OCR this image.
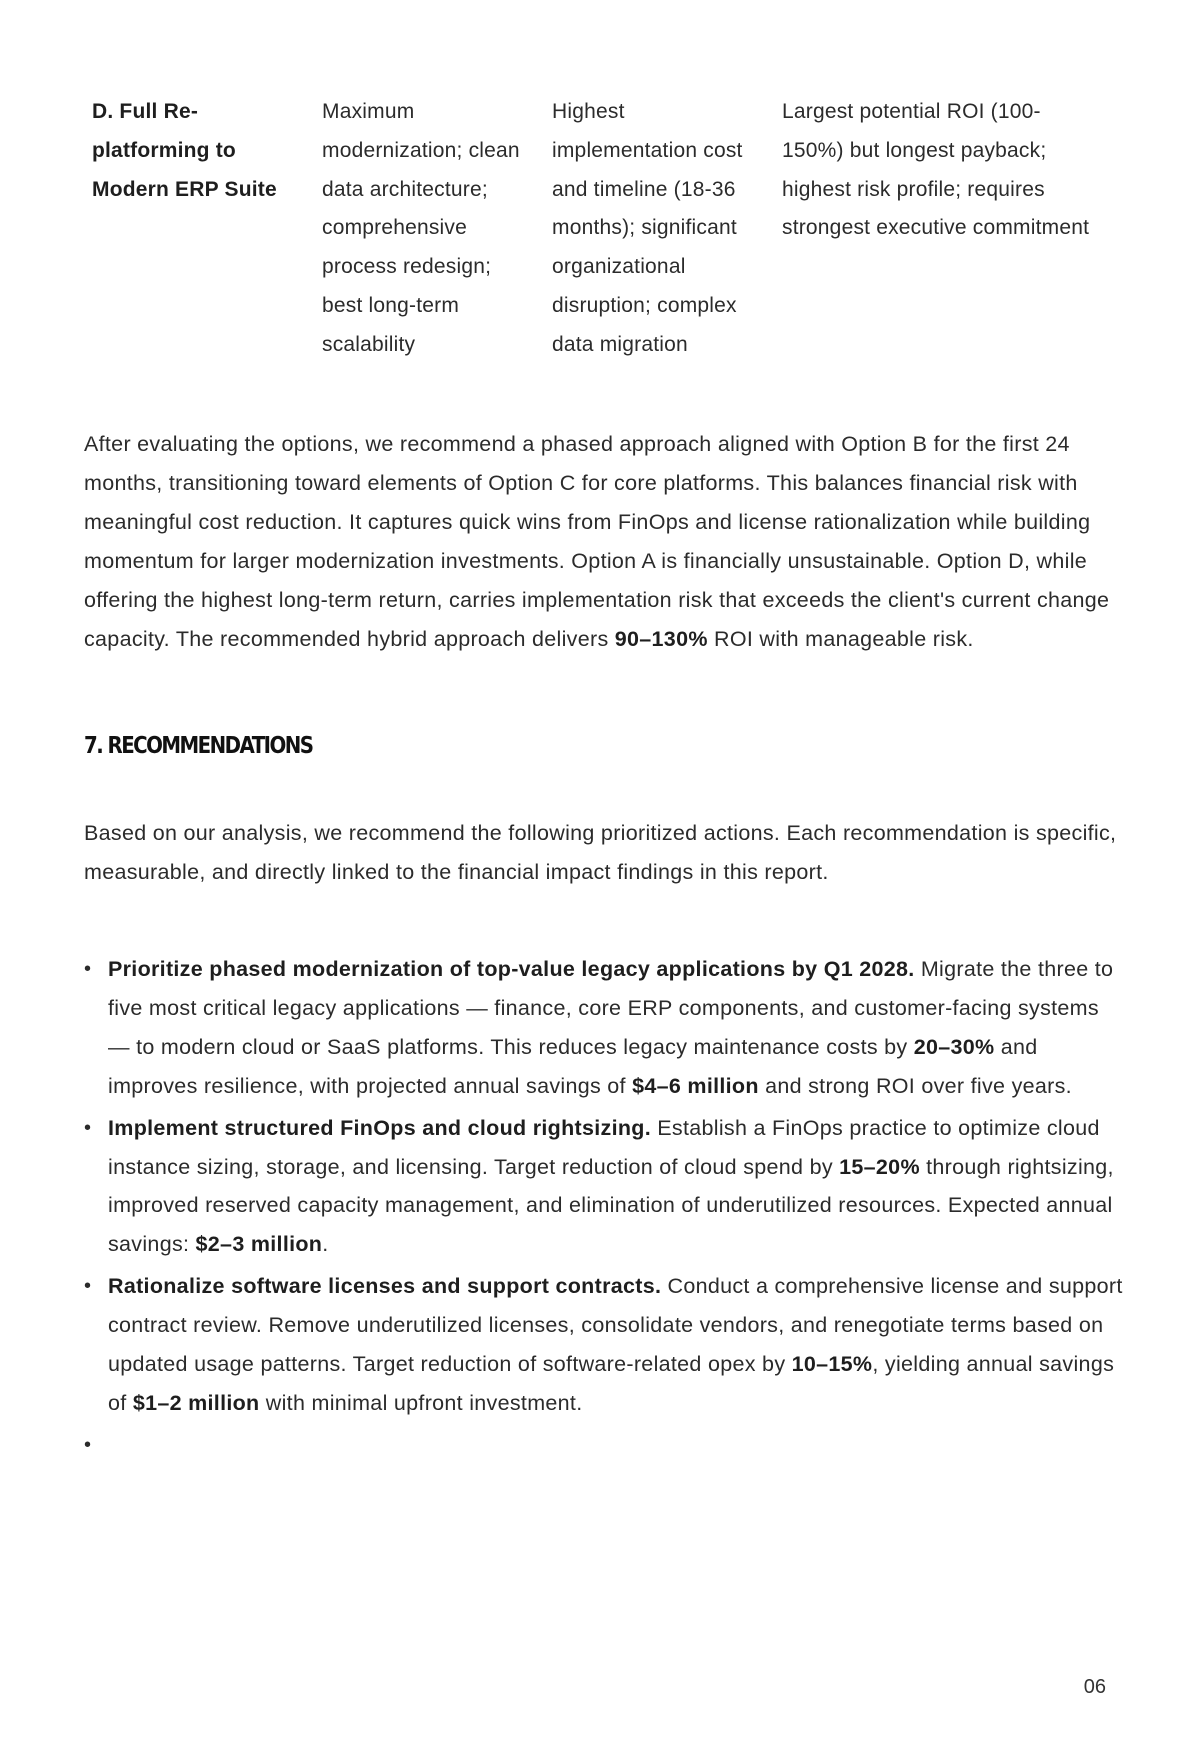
D. Full Re-platforming to Modern ERP Suite	Maximum modernization; clean data architecture; comprehensive process redesign; best long-term scalability	Highest implementation cost and timeline (18-36 months); significant organizational disruption; complex data migration	Largest potential ROI (100-150%) but longest payback; highest risk profile; requires strongest executive commitment

After evaluating the options, we recommend a phased approach aligned with Option B for the first 24 months, transitioning toward elements of Option C for core platforms. This balances financial risk with meaningful cost reduction. It captures quick wins from FinOps and license rationalization while building momentum for larger modernization investments. Option A is financially unsustainable. Option D, while offering the highest long-term return, carries implementation risk that exceeds the client's current change capacity. The recommended hybrid approach delivers 90–130% ROI with manageable risk.

7. RECOMMENDATIONS

Based on our analysis, we recommend the following prioritized actions. Each recommendation is specific, measurable, and directly linked to the financial impact findings in this report.

• Prioritize phased modernization of top-value legacy applications by Q1 2028. Migrate the three to five most critical legacy applications — finance, core ERP components, and customer-facing systems — to modern cloud or SaaS platforms. This reduces legacy maintenance costs by 20–30% and improves resilience, with projected annual savings of $4–6 million and strong ROI over five years.
• Implement structured FinOps and cloud rightsizing. Establish a FinOps practice to optimize cloud instance sizing, storage, and licensing. Target reduction of cloud spend by 15–20% through rightsizing, improved reserved capacity management, and elimination of underutilized resources. Expected annual savings: $2–3 million.
• Rationalize software licenses and support contracts. Conduct a comprehensive license and support contract review. Remove underutilized licenses, consolidate vendors, and renegotiate terms based on updated usage patterns. Target reduction of software-related opex by 10–15%, yielding annual savings of $1–2 million with minimal upfront investment.
•

06
